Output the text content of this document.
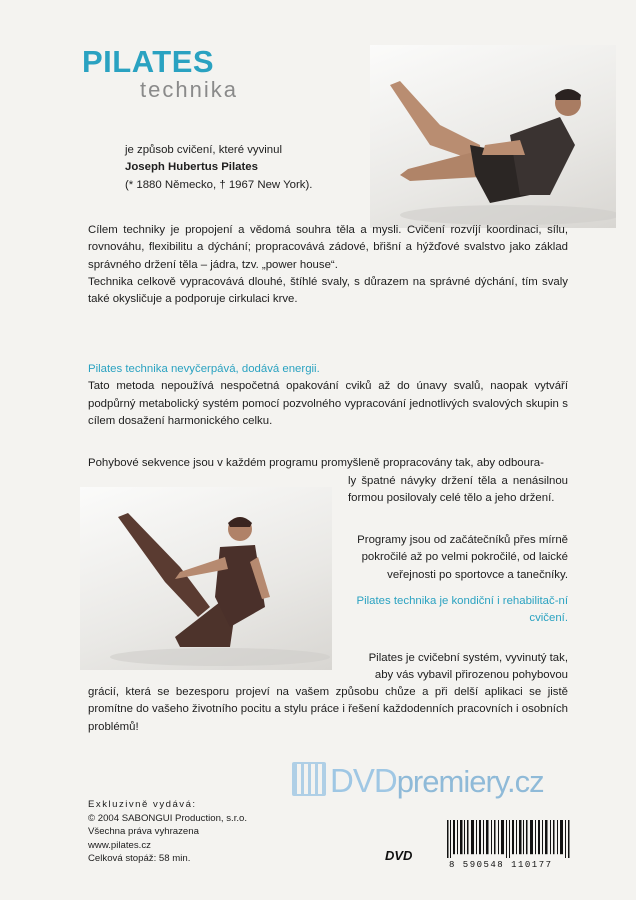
PILATES
technika

je způsob cvičení, které vyvinul

Joseph Hubertus Pilates

(* 1880 Německo, † 1967 New York).

Cílem techniky je propojení a vědomá souhra těla a mysli. Cvičení rozvíjí koordinaci, sílu, rovnováhu, flexibilitu a dýchání; propracovává zádové, břišní a hýžďové svalstvo jako základ správného držení těla – jádra, tzv. „power house“.

Technika celkově vypracovává dlouhé, štíhlé svaly, s důrazem na správné dýchání, tím svaly také okysličuje a podporuje cirkulaci krve.

Pilates technika nevyčerpává, dodává energii.

Tato metoda nepoužívá nespočetná opakování cviků až do únavy svalů, naopak vytváří podpůrný metabolický systém pomocí pozvolného vypracování jednotlivých svalových skupin s cílem dosažení harmonického celku.

Pohybové sekvence jsou v každém programu promyšleně propracovány tak, aby odboura-
ly špatné návyky držení těla a nenásilnou formou posilovaly celé tělo a jeho držení.
Programy jsou od začátečníků přes mírně pokročilé až po velmi pokročilé, od laické veřejnosti po sportovce a tanečníky.
Pilates technika je kondiční i rehabilitač-ní cvičení.
Pilates je cvičební systém, vyvinutý tak, aby vás vybavil přirozenou pohybovou
grácií, která se bezesporu projeví na vašem způsobu chůze a při delší aplikaci se jistě promítne do vašeho životního pocitu a stylu práce i řešení každodenních pracovních i osobních problémů!
DVDpremiery.cz
Exkluzivně vydává:
© 2004 SABONGUI Production, s.r.o.
Všechna práva vyhrazena
www.pilates.cz
Celková stopáž: 58 min.	DVD
8 590548 110177
